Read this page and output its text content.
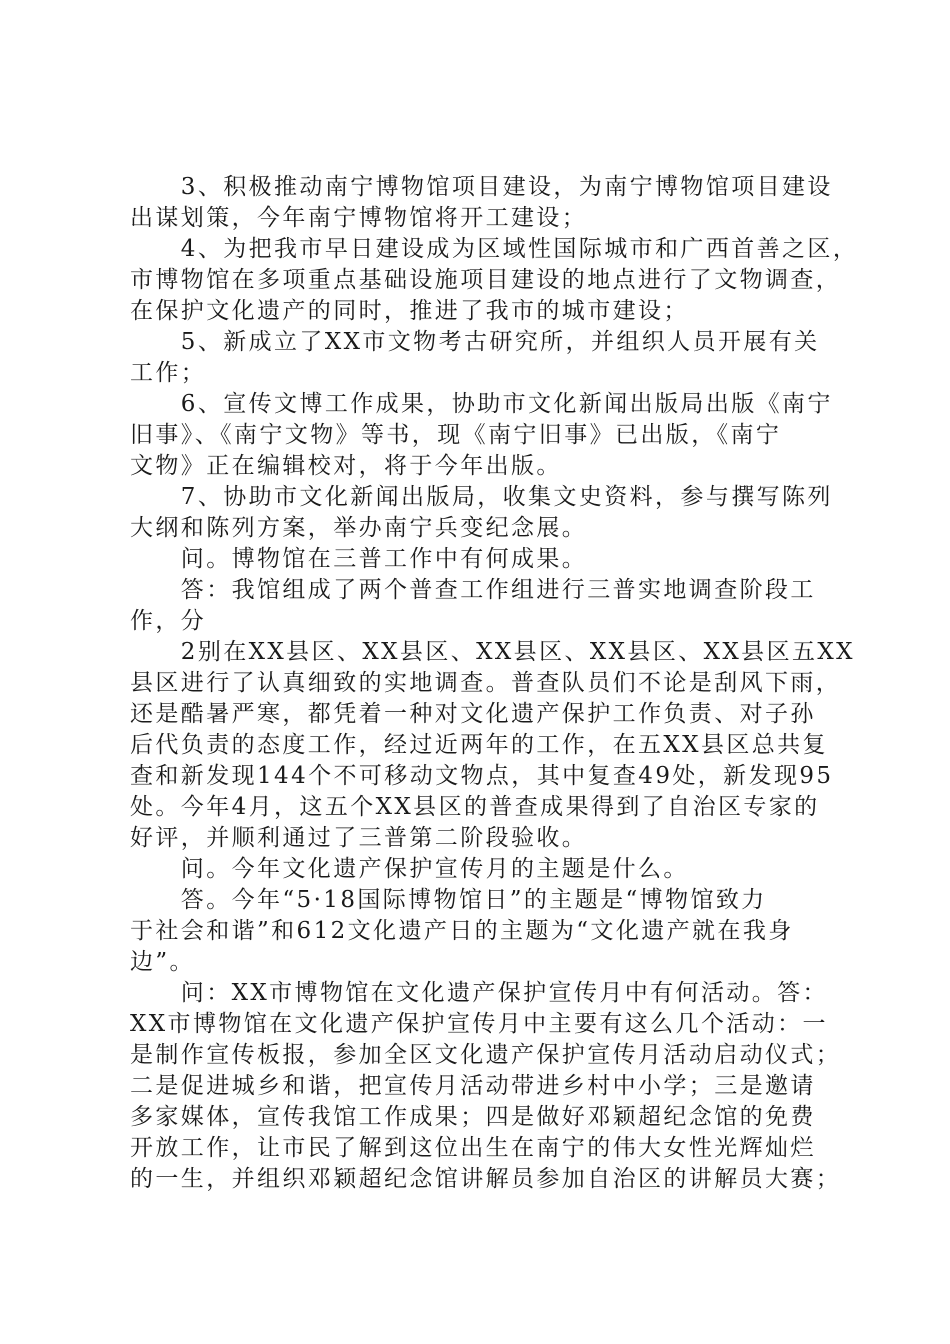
　　3、积极推动南宁博物馆项目建设，为南宁博物馆项目建设
出谋划策，今年南宁博物馆将开工建设；
　　4、为把我市早日建设成为区域性国际城市和广西首善之区，
市博物馆在多项重点基础设施项目建设的地点进行了文物调查，
在保护文化遗产的同时，推进了我市的城市建设；
　　5、新成立了XX市文物考古研究所，并组织人员开展有关
工作；
　　6、宣传文博工作成果，协助市文化新闻出版局出版《南宁
旧事》、《南宁文物》等书，现《南宁旧事》已出版，《南宁
文物》正在编辑校对，将于今年出版。
　　7、协助市文化新闻出版局，收集文史资料，参与撰写陈列
大纲和陈列方案，举办南宁兵变纪念展。
　　问。博物馆在三普工作中有何成果。
　　答：我馆组成了两个普查工作组进行三普实地调查阶段工
作，分
　　2别在XX县区、XX县区、XX县区、XX县区、XX县区五XX
县区进行了认真细致的实地调查。普查队员们不论是刮风下雨，
还是酷暑严寒，都凭着一种对文化遗产保护工作负责、对子孙
后代负责的态度工作，经过近两年的工作，在五XX县区总共复
查和新发现144个不可移动文物点，其中复查49处，新发现95
处。今年4月，这五个XX县区的普查成果得到了自治区专家的
好评，并顺利通过了三普第二阶段验收。
　　问。今年文化遗产保护宣传月的主题是什么。
　　答。今年“5·18国际博物馆日”的主题是“博物馆致力
于社会和谐”和612文化遗产日的主题为“文化遗产就在我身
边”。
　　问：XX市博物馆在文化遗产保护宣传月中有何活动。答：
XX市博物馆在文化遗产保护宣传月中主要有这么几个活动：一
是制作宣传板报，参加全区文化遗产保护宣传月活动启动仪式；
二是促进城乡和谐，把宣传月活动带进乡村中小学；三是邀请
多家媒体，宣传我馆工作成果；四是做好邓颖超纪念馆的免费
开放工作，让市民了解到这位出生在南宁的伟大女性光辉灿烂
的一生，并组织邓颖超纪念馆讲解员参加自治区的讲解员大赛；
